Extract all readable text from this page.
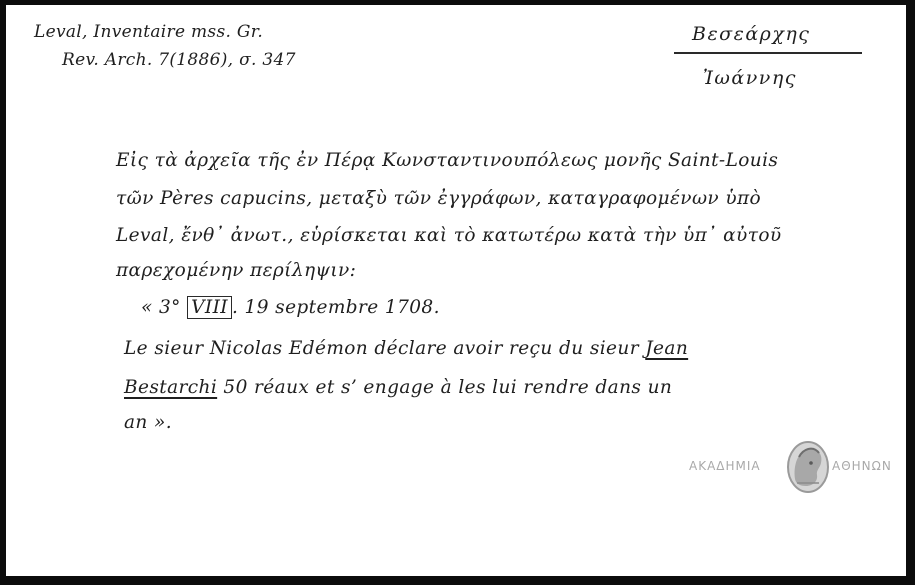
Leval, Inventaire mss. Gr.
Rev. Arch. 7(1886), σ. 347
Βεσεάρχης
Ἰωάννης
Εἰς τὰ ἀρχεῖα τῆς ἐν Πέρᾳ Κωνσταντινουπόλεως μονῆς Saint-Louis
τῶν Pères capucins, μεταξὺ τῶν ἐγγράφων, καταγραφομένων ὑπὸ
Leval, ἔνθ᾽ ἀνωτ., εὑρίσκεται καὶ τὸ κατωτέρω κατὰ τὴν ὑπ᾽ αὐτοῦ
παρεχομένην περίληψιν:
« 3° VIII . 19 septembre 1708.
Le sieur Nicolas Edémon déclare avoir reçu du sieur Jean
Bestarchi 50 réaux et s’ engage à les lui rendre dans un
an ».
ΑΚΑΔΗΜΙΑ	ΑΘΗΝΩΝ
